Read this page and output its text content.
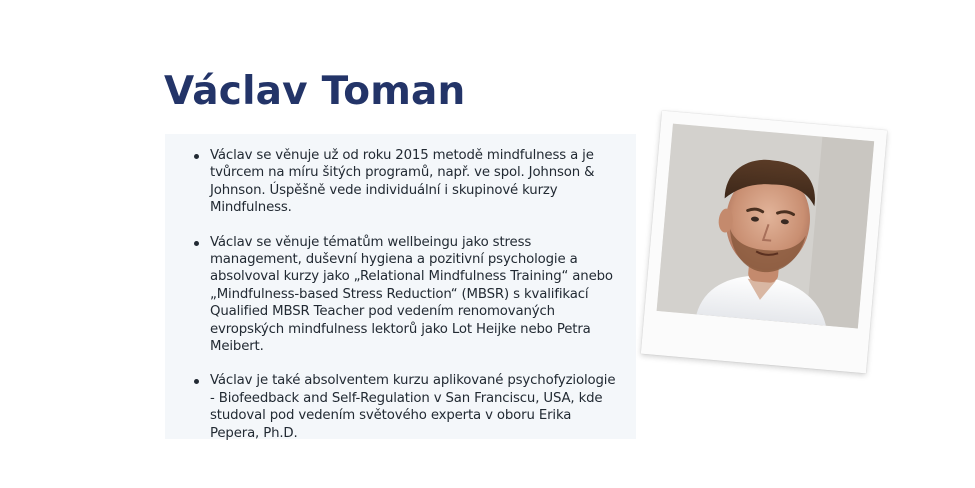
Václav Toman
Václav se věnuje už od roku 2015 metodě mindfulness a je tvůrcem na míru šitých programů, např. ve spol. Johnson & Johnson. Úspěšně vede individuální i skupinové kurzy Mindfulness.
Václav se věnuje tématům wellbeingu jako stress management, duševní hygiena a pozitivní psychologie a absolvoval kurzy jako „Relational Mindfulness Training“ anebo „Mindfulness-based Stress Reduction“ (MBSR) s kvalifikací Qualified MBSR Teacher pod vedením renomovaných evropských mindfulness lektorů jako Lot Heijke nebo Petra Meibert.
Václav je také absolventem kurzu aplikované psychofyziologie - Biofeedback and Self-Regulation v San Franciscu, USA, kde studoval pod vedením světového experta v oboru Erika Pepera, Ph.D.
